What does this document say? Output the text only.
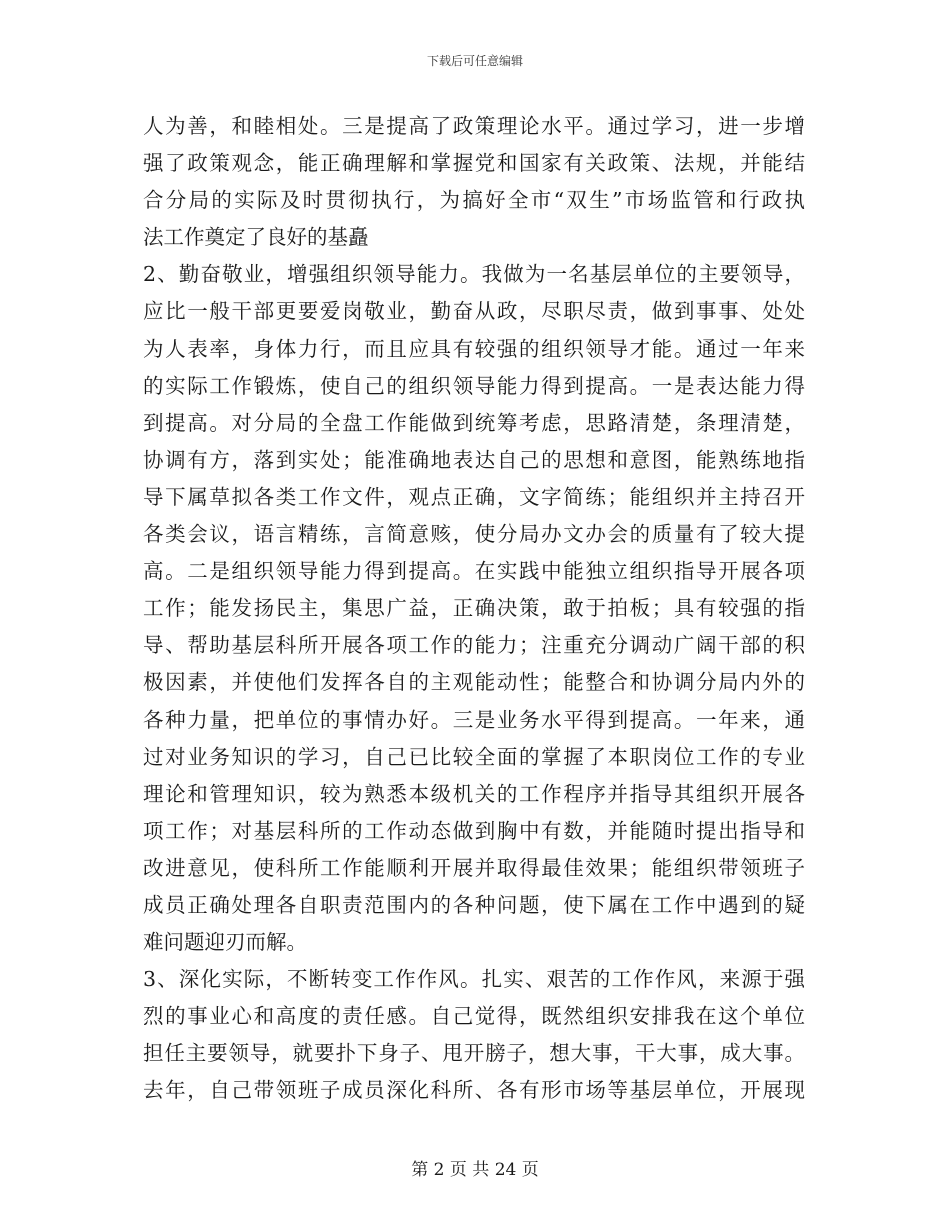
下载后可任意编辑
人为善，和睦相处。三是提高了政策理论水平。通过学习，进一步增
强了政策观念，能正确理解和掌握党和国家有关政策、法规，并能结
合分局的实际及时贯彻执行，为搞好全市“双生”市场监管和行政执
法工作奠定了良好的基矗
2、勤奋敬业，增强组织领导能力。我做为一名基层单位的主要领导，
应比一般干部更要爱岗敬业，勤奋从政，尽职尽责，做到事事、处处
为人表率，身体力行，而且应具有较强的组织领导才能。通过一年来
的实际工作锻炼，使自己的组织领导能力得到提高。一是表达能力得
到提高。对分局的全盘工作能做到统筹考虑，思路清楚，条理清楚，
协调有方，落到实处；能准确地表达自己的思想和意图，能熟练地指
导下属草拟各类工作文件，观点正确，文字简练；能组织并主持召开
各类会议，语言精练，言简意赅，使分局办文办会的质量有了较大提
高。二是组织领导能力得到提高。在实践中能独立组织指导开展各项
工作；能发扬民主，集思广益，正确决策，敢于拍板；具有较强的指
导、帮助基层科所开展各项工作的能力；注重充分调动广阔干部的积
极因素，并使他们发挥各自的主观能动性；能整合和协调分局内外的
各种力量，把单位的事情办好。三是业务水平得到提高。一年来，通
过对业务知识的学习，自己已比较全面的掌握了本职岗位工作的专业
理论和管理知识，较为熟悉本级机关的工作程序并指导其组织开展各
项工作；对基层科所的工作动态做到胸中有数，并能随时提出指导和
改进意见，使科所工作能顺利开展并取得最佳效果；能组织带领班子
成员正确处理各自职责范围内的各种问题，使下属在工作中遇到的疑
难问题迎刃而解。
3、深化实际，不断转变工作作风。扎实、艰苦的工作作风，来源于强
烈的事业心和高度的责任感。自己觉得，既然组织安排我在这个单位
担任主要领导，就要扑下身子、甩开膀子，想大事，干大事，成大事。
去年，自己带领班子成员深化科所、各有形市场等基层单位，开展现
第 2 页 共 24 页
